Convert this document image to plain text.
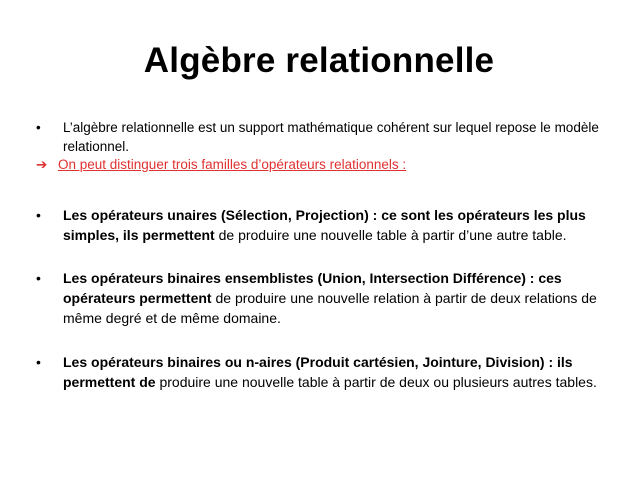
Algèbre relationnelle
•	L’algèbre relationnelle est un support mathématique cohérent sur lequel repose le modèle relationnel.
➔ On peut distinguer trois familles d’opérateurs relationnels :
•	Les opérateurs unaires (Sélection, Projection) : ce sont les opérateurs les plus simples, ils permettent de produire une nouvelle table à partir d’une autre table.
•	Les opérateurs binaires ensemblistes (Union, Intersection Différence) : ces opérateurs permettent de produire une nouvelle relation à partir de deux relations de même degré et de même domaine.
•	Les opérateurs binaires ou n-aires (Produit cartésien, Jointure, Division) : ils permettent de produire une nouvelle table à partir de deux ou plusieurs autres tables.
